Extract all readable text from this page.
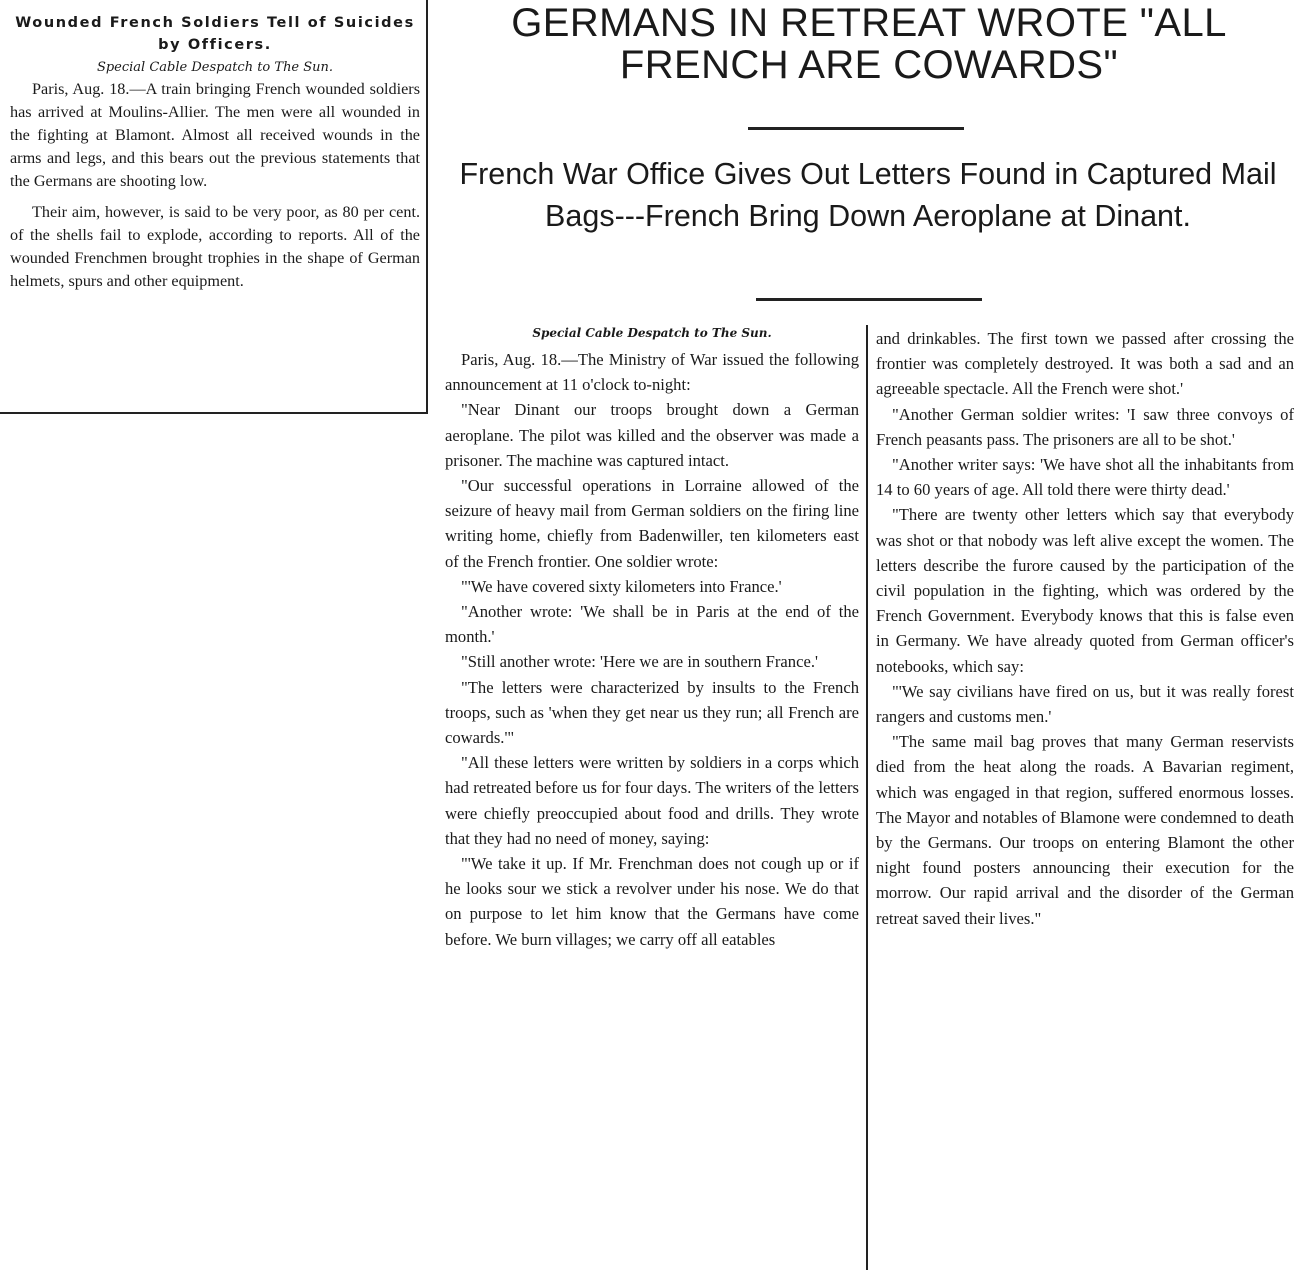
Wounded French Soldiers Tell of Suicides by Officers.
Special Cable Despatch to The Sun.

Paris, Aug. 18.—A train bringing French wounded soldiers has arrived at Moulins-Allier. The men were all wounded in the fighting at Blamont. Almost all received wounds in the arms and legs, and this bears out the previous statements that the Germans are shooting low.

Their aim, however, is said to be very poor, as 80 per cent. of the shells fail to explode, according to reports. All of the wounded Frenchmen brought trophies in the shape of German helmets, spurs and other equipment.

GERMANS IN RETREAT WROTE "ALL FRENCH ARE COWARDS"
French War Office Gives Out Letters Found in Captured Mail Bags---French Bring Down Aeroplane at Dinant.
Special Cable Despatch to The Sun.

Paris, Aug. 18.—The Ministry of War issued the following announcement at 11 o'clock to-night:

"Near Dinant our troops brought down a German aeroplane. The pilot was killed and the observer was made a prisoner. The machine was captured intact.

"Our successful operations in Lorraine allowed of the seizure of heavy mail from German soldiers on the firing line writing home, chiefly from Badenwiller, ten kilometers east of the French frontier. One soldier wrote:

"'We have covered sixty kilometers into France.'

"Another wrote: 'We shall be in Paris at the end of the month.'

"Still another wrote: 'Here we are in southern France.'

"The letters were characterized by insults to the French troops, such as 'when they get near us they run; all French are cowards.'"

"All these letters were written by soldiers in a corps which had retreated before us for four days. The writers of the letters were chiefly preoccupied about food and drills. They wrote that they had no need of money, saying:

"'We take it up. If Mr. Frenchman does not cough up or if he looks sour we stick a revolver under his nose. We do that on purpose to let him know that the Germans have come before. We burn villages; we carry off all eatables

and drinkables. The first town we passed after crossing the frontier was completely destroyed. It was both a sad and an agreeable spectacle. All the French were shot.'

"Another German soldier writes: 'I saw three convoys of French peasants pass. The prisoners are all to be shot.'

"Another writer says: 'We have shot all the inhabitants from 14 to 60 years of age. All told there were thirty dead.'

"There are twenty other letters which say that everybody was shot or that nobody was left alive except the women. The letters describe the furore caused by the participation of the civil population in the fighting, which was ordered by the French Government. Everybody knows that this is false even in Germany. We have already quoted from German officer's notebooks, which say:

"'We say civilians have fired on us, but it was really forest rangers and customs men.'

"The same mail bag proves that many German reservists died from the heat along the roads. A Bavarian regiment, which was engaged in that region, suffered enormous losses. The Mayor and notables of Blamone were condemned to death by the Germans. Our troops on entering Blamont the other night found posters announcing their execution for the morrow. Our rapid arrival and the disorder of the German retreat saved their lives."
